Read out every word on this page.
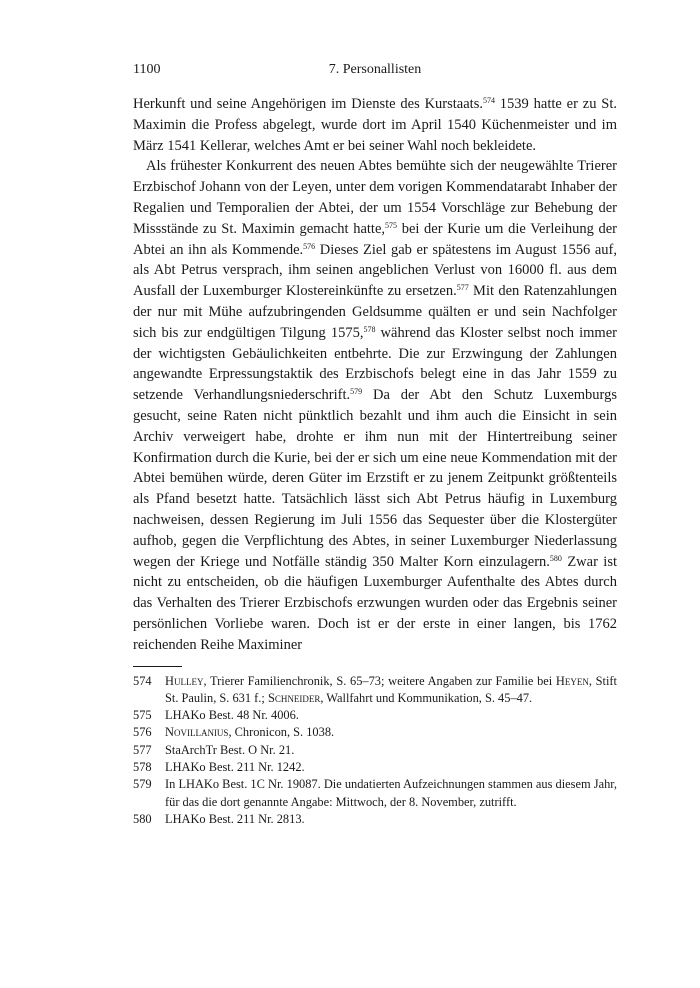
1100	7. Personallisten

Herkunft und seine Angehörigen im Dienste des Kurstaats.$^{574}$ 1539 hatte er zu St. Maximin die Profess abgelegt, wurde dort im April 1540 Küchenmeister und im März 1541 Kellerar, welches Amt er bei seiner Wahl noch bekleidete.

Als frühester Konkurrent des neuen Abtes bemühte sich der neugewählte Trierer Erzbischof Johann von der Leyen, unter dem vorigen Kommendatarabt Inhaber der Regalien und Temporalien der Abtei, der um 1554 Vorschläge zur Behebung der Missstände zu St. Maximin gemacht hatte,$^{575}$ bei der Kurie um die Verleihung der Abtei an ihn als Kommende.$^{576}$ Dieses Ziel gab er spätestens im August 1556 auf, als Abt Petrus versprach, ihm seinen angeblichen Verlust von 16000 fl. aus dem Ausfall der Luxemburger Klostereinkünfte zu ersetzen.$^{577}$ Mit den Ratenzahlungen der nur mit Mühe aufzubringenden Geldsumme quälten er und sein Nachfolger sich bis zur endgültigen Tilgung 1575,$^{578}$ während das Kloster selbst noch immer der wichtigsten Gebäulichkeiten entbehrte. Die zur Erzwingung der Zahlungen angewandte Erpressungstaktik des Erzbischofs belegt eine in das Jahr 1559 zu setzende Verhandlungsniederschrift.$^{579}$ Da der Abt den Schutz Luxemburgs gesucht, seine Raten nicht pünktlich bezahlt und ihm auch die Einsicht in sein Archiv verweigert habe, drohte er ihm nun mit der Hintertreibung seiner Konfirmation durch die Kurie, bei der er sich um eine neue Kommendation mit der Abtei bemühen würde, deren Güter im Erzstift er zu jenem Zeitpunkt größtenteils als Pfand besetzt hatte. Tatsächlich lässt sich Abt Petrus häufig in Luxemburg nachweisen, dessen Regierung im Juli 1556 das Sequester über die Klostergüter aufhob, gegen die Verpflichtung des Abtes, in seiner Luxemburger Niederlassung wegen der Kriege und Notfälle ständig 350 Malter Korn einzulagern.$^{580}$ Zwar ist nicht zu entscheiden, ob die häufigen Luxemburger Aufenthalte des Abtes durch das Verhalten des Trierer Erzbischofs erzwungen wurden oder das Ergebnis seiner persönlichen Vorliebe waren. Doch ist er der erste in einer langen, bis 1762 reichenden Reihe Maximiner

574	Hulley, Trierer Familienchronik, S. 65–73; weitere Angaben zur Familie bei Heyen, Stift St. Paulin, S. 631 f.; Schneider, Wallfahrt und Kommunikation, S. 45–47.
575	LHAKo Best. 48 Nr. 4006.
576	Novillanius, Chronicon, S. 1038.
577	StaArchTr Best. O Nr. 21.
578	LHAKo Best. 211 Nr. 1242.
579	In LHAKo Best. 1C Nr. 19087. Die undatierten Aufzeichnungen stammen aus diesem Jahr, für das die dort genannte Angabe: Mittwoch, der 8. November, zutrifft.
580	LHAKo Best. 211 Nr. 2813.
